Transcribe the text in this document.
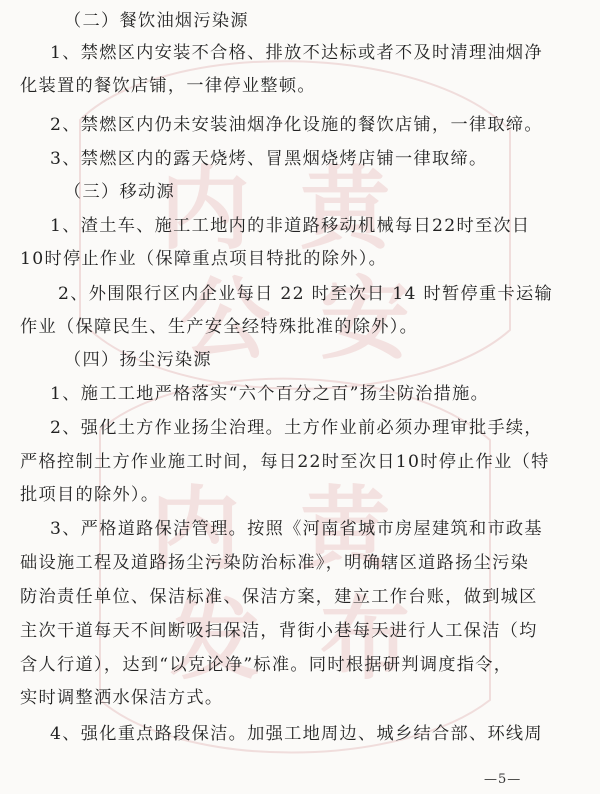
内 黄
公 安
内 黄
发 布
（二）餐饮油烟污染源
1、禁燃区内安装不合格、排放不达标或者不及时清理油烟净
化装置的餐饮店铺，一律停业整顿。
2、禁燃区内仍未安装油烟净化设施的餐饮店铺，一律取缔。
3、禁燃区内的露天烧烤、冒黑烟烧烤店铺一律取缔。
（三）移动源
1、渣土车、施工工地内的非道路移动机械每日22时至次日
10时停止作业（保障重点项目特批的除外）。
2、外围限行区内企业每日 22 时至次日 14 时暂停重卡运输
作业（保障民生、生产安全经特殊批准的除外）。
（四）扬尘污染源
1、施工工地严格落实“六个百分之百”扬尘防治措施。
2、强化土方作业扬尘治理。土方作业前必须办理审批手续，
严格控制土方作业施工时间，每日22时至次日10时停止作业（特
批项目的除外）。
3、严格道路保洁管理。按照《河南省城市房屋建筑和市政基
础设施工程及道路扬尘污染防治标准》，明确辖区道路扬尘污染
防治责任单位、保洁标准、保洁方案，建立工作台账，做到城区
主次干道每天不间断吸扫保洁，背街小巷每天进行人工保洁（均
含人行道），达到“以克论净”标准。同时根据研判调度指令，
实时调整洒水保洁方式。
4、强化重点路段保洁。加强工地周边、城乡结合部、环线周
—5—
